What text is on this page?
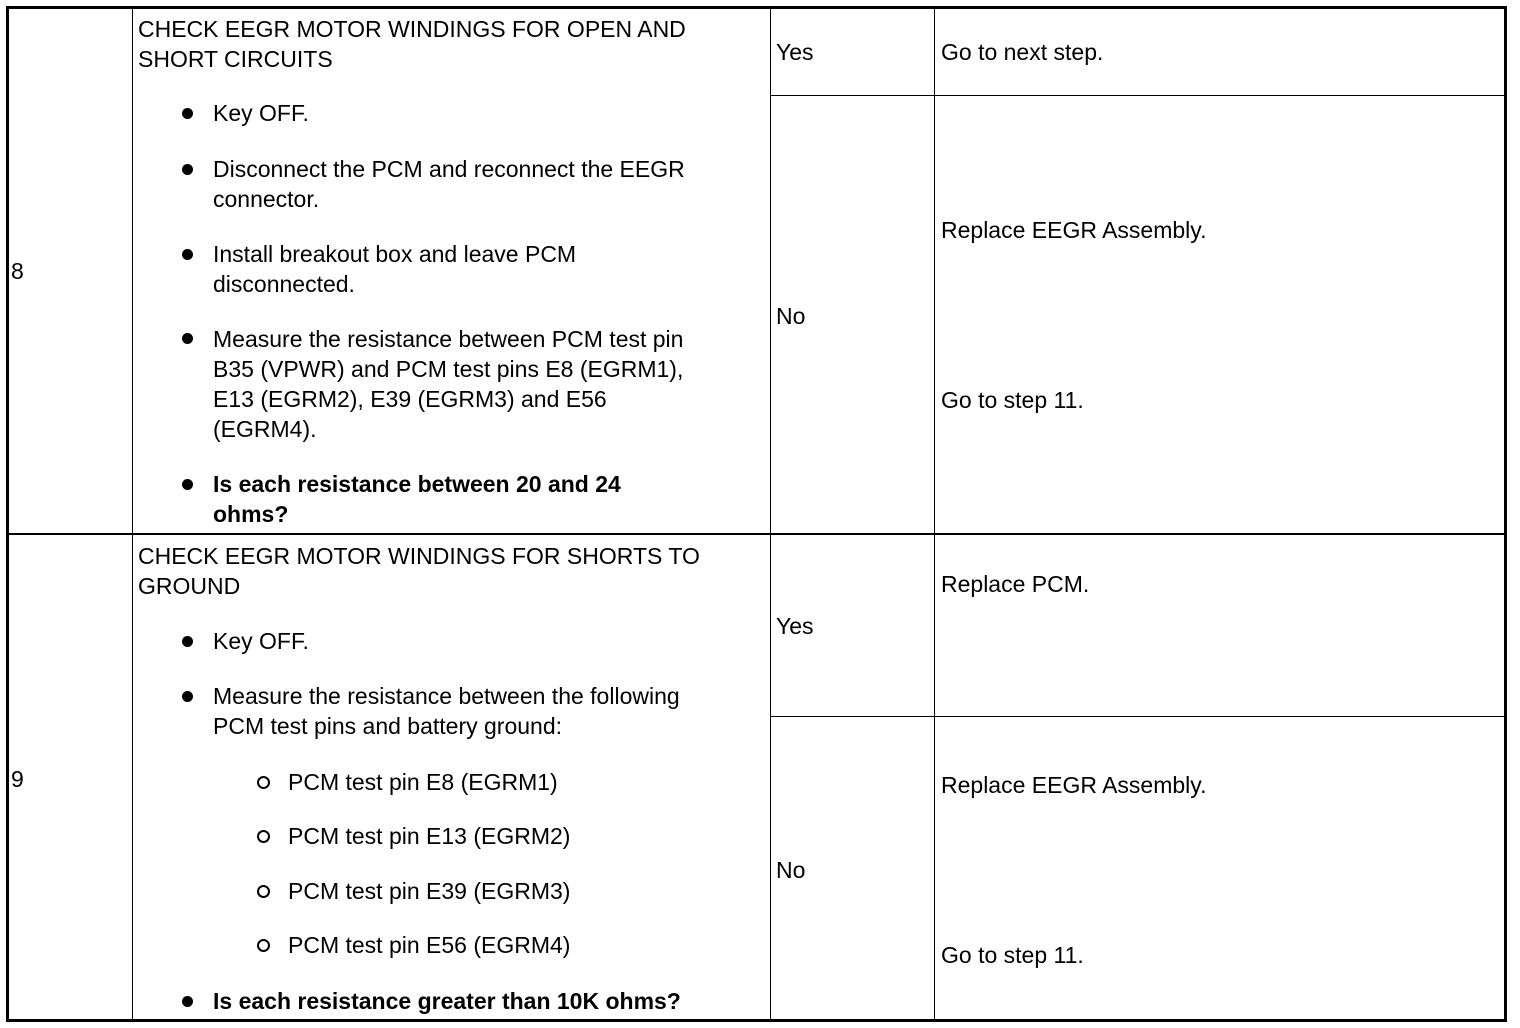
8
CHECK EEGR MOTOR WINDINGS FOR OPEN AND
SHORT CIRCUITS
Key OFF.
Disconnect the PCM and reconnect the EEGR
connector.
Install breakout box and leave PCM
disconnected.
Measure the resistance between PCM test pin
B35 (VPWR) and PCM test pins E8 (EGRM1),
E13 (EGRM2), E39 (EGRM3) and E56
(EGRM4).
Is each resistance between 20 and 24
ohms?
Yes	Go to next step.
No
Replace EEGR Assembly.
Go to step 11.
9
CHECK EEGR MOTOR WINDINGS FOR SHORTS TO
GROUND
Key OFF.
Measure the resistance between the following
PCM test pins and battery ground:
PCM test pin E8 (EGRM1)
PCM test pin E13 (EGRM2)
PCM test pin E39 (EGRM3)
PCM test pin E56 (EGRM4)
Is each resistance greater than 10K ohms?
Yes
Replace PCM.
No
Replace EEGR Assembly.
Go to step 11.
